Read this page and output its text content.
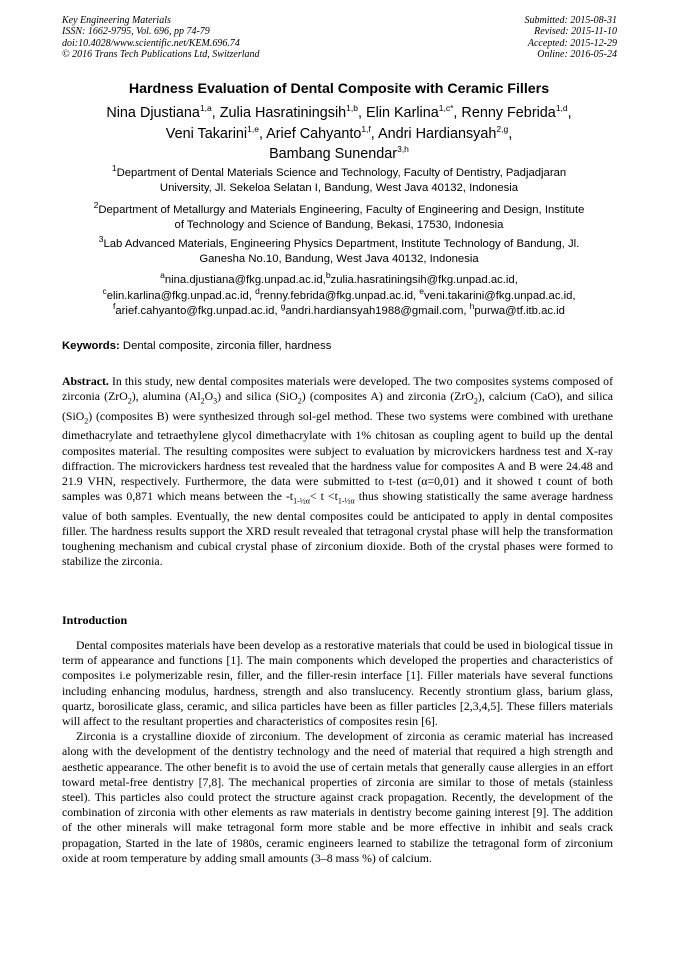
Key Engineering Materials
ISSN: 1662-9795, Vol. 696, pp 74-79
doi:10.4028/www.scientific.net/KEM.696.74
© 2016 Trans Tech Publications Ltd, Switzerland
Submitted: 2015-08-31
Revised: 2015-11-10
Accepted: 2015-12-29
Online: 2016-05-24
Hardness Evaluation of Dental Composite with Ceramic Fillers
Nina Djustiana$^{1,a}$, Zulia Hasratiningsih$^{1,b}$, Elin Karlina$^{1,c*}$, Renny Febrida$^{1,d}$,
Veni Takarini$^{1,e}$, Arief Cahyanto$^{1,f}$, Andri Hardiansyah$^{2,g}$,
Bambang Sunendar$^{3,h}$
$^1$Department of Dental Materials Science and Technology, Faculty of Dentistry, Padjadjaran
University, Jl. Sekeloa Selatan I, Bandung, West Java 40132, Indonesia
$^2$Department of Metallurgy and Materials Engineering, Faculty of Engineering and Design, Institute
of Technology and Science of Bandung, Bekasi, 17530, Indonesia
$^3$Lab Advanced Materials, Engineering Physics Department, Institute Technology of Bandung, Jl.
Ganesha No.10, Bandung, West Java 40132, Indonesia
$^a$nina.djustiana@fkg.unpad.ac.id,$^b$zulia.hasratiningsih@fkg.unpad.ac.id,
$^c$elin.karlina@fkg.unpad.ac.id, $^d$renny.febrida@fkg.unpad.ac.id, $^e$veni.takarini@fkg.unpad.ac.id,
$^f$arief.cahyanto@fkg.unpad.ac.id, $^g$andri.hardiansyah1988@gmail.com, $^h$purwa@tf.itb.ac.id
Keywords: Dental composite, zirconia filler, hardness

Abstract. In this study, new dental composites materials were developed. The two composites systems composed of zirconia (ZrO$_2$), alumina $(Al_2O_3)$ and silica (SiO$_2$) (composites A) and zirconia (ZrO$_2$), calcium (CaO), and silica (SiO$_2$) (composites B) were synthesized through sol-gel method. These two systems were combined with urethane dimethacrylate and tetraethylene glycol dimethacrylate with 1% chitosan as coupling agent to build up the dental composites material. The resulting composites were subject to evaluation by microvickers hardness test and X-ray diffraction. The microvickers hardness test revealed that the hardness value for composites A and B were 24.48 and 21.9 VHN, respectively. Furthermore, the data were submitted to t-test (α=0,01) and it showed t count of both samples was 0,871 which means between the $-t_{1-\frac{1}{2}\alpha}< t <t_{1-\frac{1}{2}\alpha}$ thus showing statistically the same average hardness value of both samples. Eventually, the new dental composites could be anticipated to apply in dental composites filler. The hardness results support the XRD result revealed that tetragonal crystal phase will help the transformation toughening mechanism and cubical crystal phase of zirconium dioxide. Both of the crystal phases were formed to stabilize the zirconia.

Introduction

Dental composites materials have been develop as a restorative materials that could be used in biological tissue in term of appearance and functions [1]. The main components which developed the properties and characteristics of composites i.e polymerizable resin, filler, and the filler-resin interface [1]. Filler materials have several functions including enhancing modulus, hardness, strength and also translucency. Recently strontium glass, barium glass, quartz, borosilicate glass, ceramic, and silica particles have been as filler particles [2,3,4,5]. These fillers materials will affect to the resultant properties and characteristics of composites resin [6].

Zirconia is a crystalline dioxide of zirconium. The development of zirconia as ceramic material has increased along with the development of the dentistry technology and the need of material that required a high strength and aesthetic appearance. The other benefit is to avoid the use of certain metals that generally cause allergies in an effort toward metal-free dentistry [7,8]. The mechanical properties of zirconia are similar to those of metals (stainless steel). This particles also could protect the structure against crack propagation. Recently, the development of the combination of zirconia with other elements as raw materials in dentistry become gaining interest [9]. The addition of the other minerals will make tetragonal form more stable and be more effective in inhibit and seals crack propagation, Started in the late of 1980s, ceramic engineers learned to stabilize the tetragonal form of zirconium oxide at room temperature by adding small amounts (3–8 mass %) of calcium.
